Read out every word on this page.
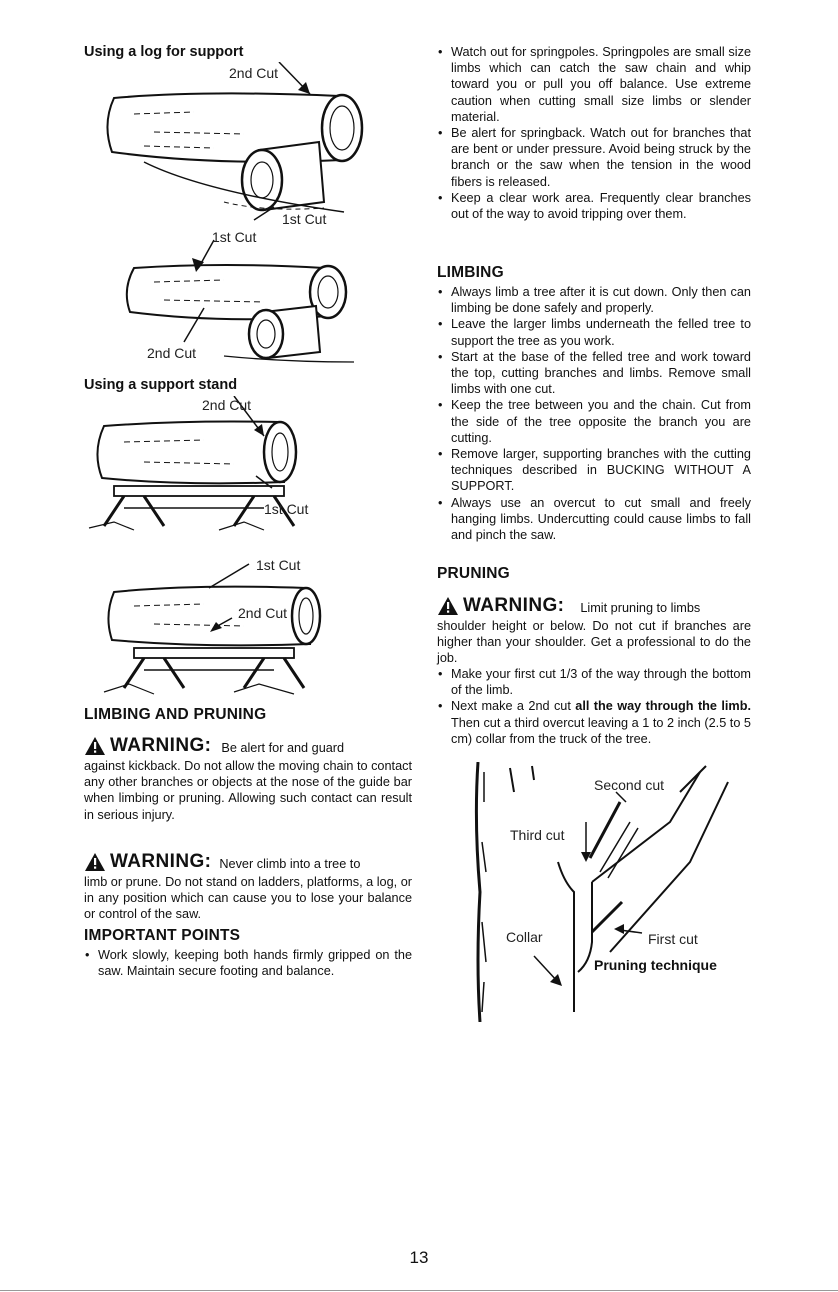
Using a log for support
2nd Cut
1st Cut
1st Cut
2nd Cut
Using a support stand
2nd Cut
1st Cut
1st Cut
2nd Cut
LIMBING AND PRUNING
WARNING: Be alert for and guard

against kickback. Do not allow the moving chain to contact any other branches or objects at the nose of the guide bar when limbing or pruning. Allowing such contact can result in serious injury.

WARNING: Never climb into a tree to

limb or prune. Do not stand on ladders, platforms, a log, or in any position which can cause you to lose your balance or control of the saw.

IMPORTANT POINTS
• Work slowly, keeping both hands firmly gripped on the saw. Maintain secure footing and balance.
• Watch out for springpoles. Springpoles are small size limbs which can catch the saw chain and whip toward you or pull you off balance. Use extreme caution when cutting small size limbs or slender material.
• Be alert for springback. Watch out for branches that are bent or under pressure. Avoid being struck by the branch or the saw when the tension in the wood fibers is released.
• Keep a clear work area. Frequently clear branches out of the way to avoid tripping over them.
LIMBING
• Always limb a tree after it is cut down. Only then can limbing be done safely and properly.
• Leave the larger limbs underneath the felled tree to support the tree as you work.
• Start at the base of the felled tree and work toward the top, cutting branches and limbs. Remove small limbs with one cut.
• Keep the tree between you and the chain. Cut from the side of the tree opposite the branch you are cutting.
• Remove larger, supporting branches with the cutting techniques described in BUCKING WITHOUT A SUPPORT.
• Always use an overcut to cut small and freely hanging limbs. Undercutting could cause limbs to fall and pinch the saw.
PRUNING
WARNING: Limit pruning to limbs

shoulder height or below. Do not cut if branches are higher than your shoulder. Get a professional to do the job.

• Make your first cut 1/3 of the way through the bottom of the limb.
• Next make a 2nd cut all the way through the limb. Then cut a third overcut leaving a 1 to 2 inch (2.5 to 5 cm) collar from the truck of the tree.
Second cut
Third cut
Collar	First cut
Pruning technique
13
